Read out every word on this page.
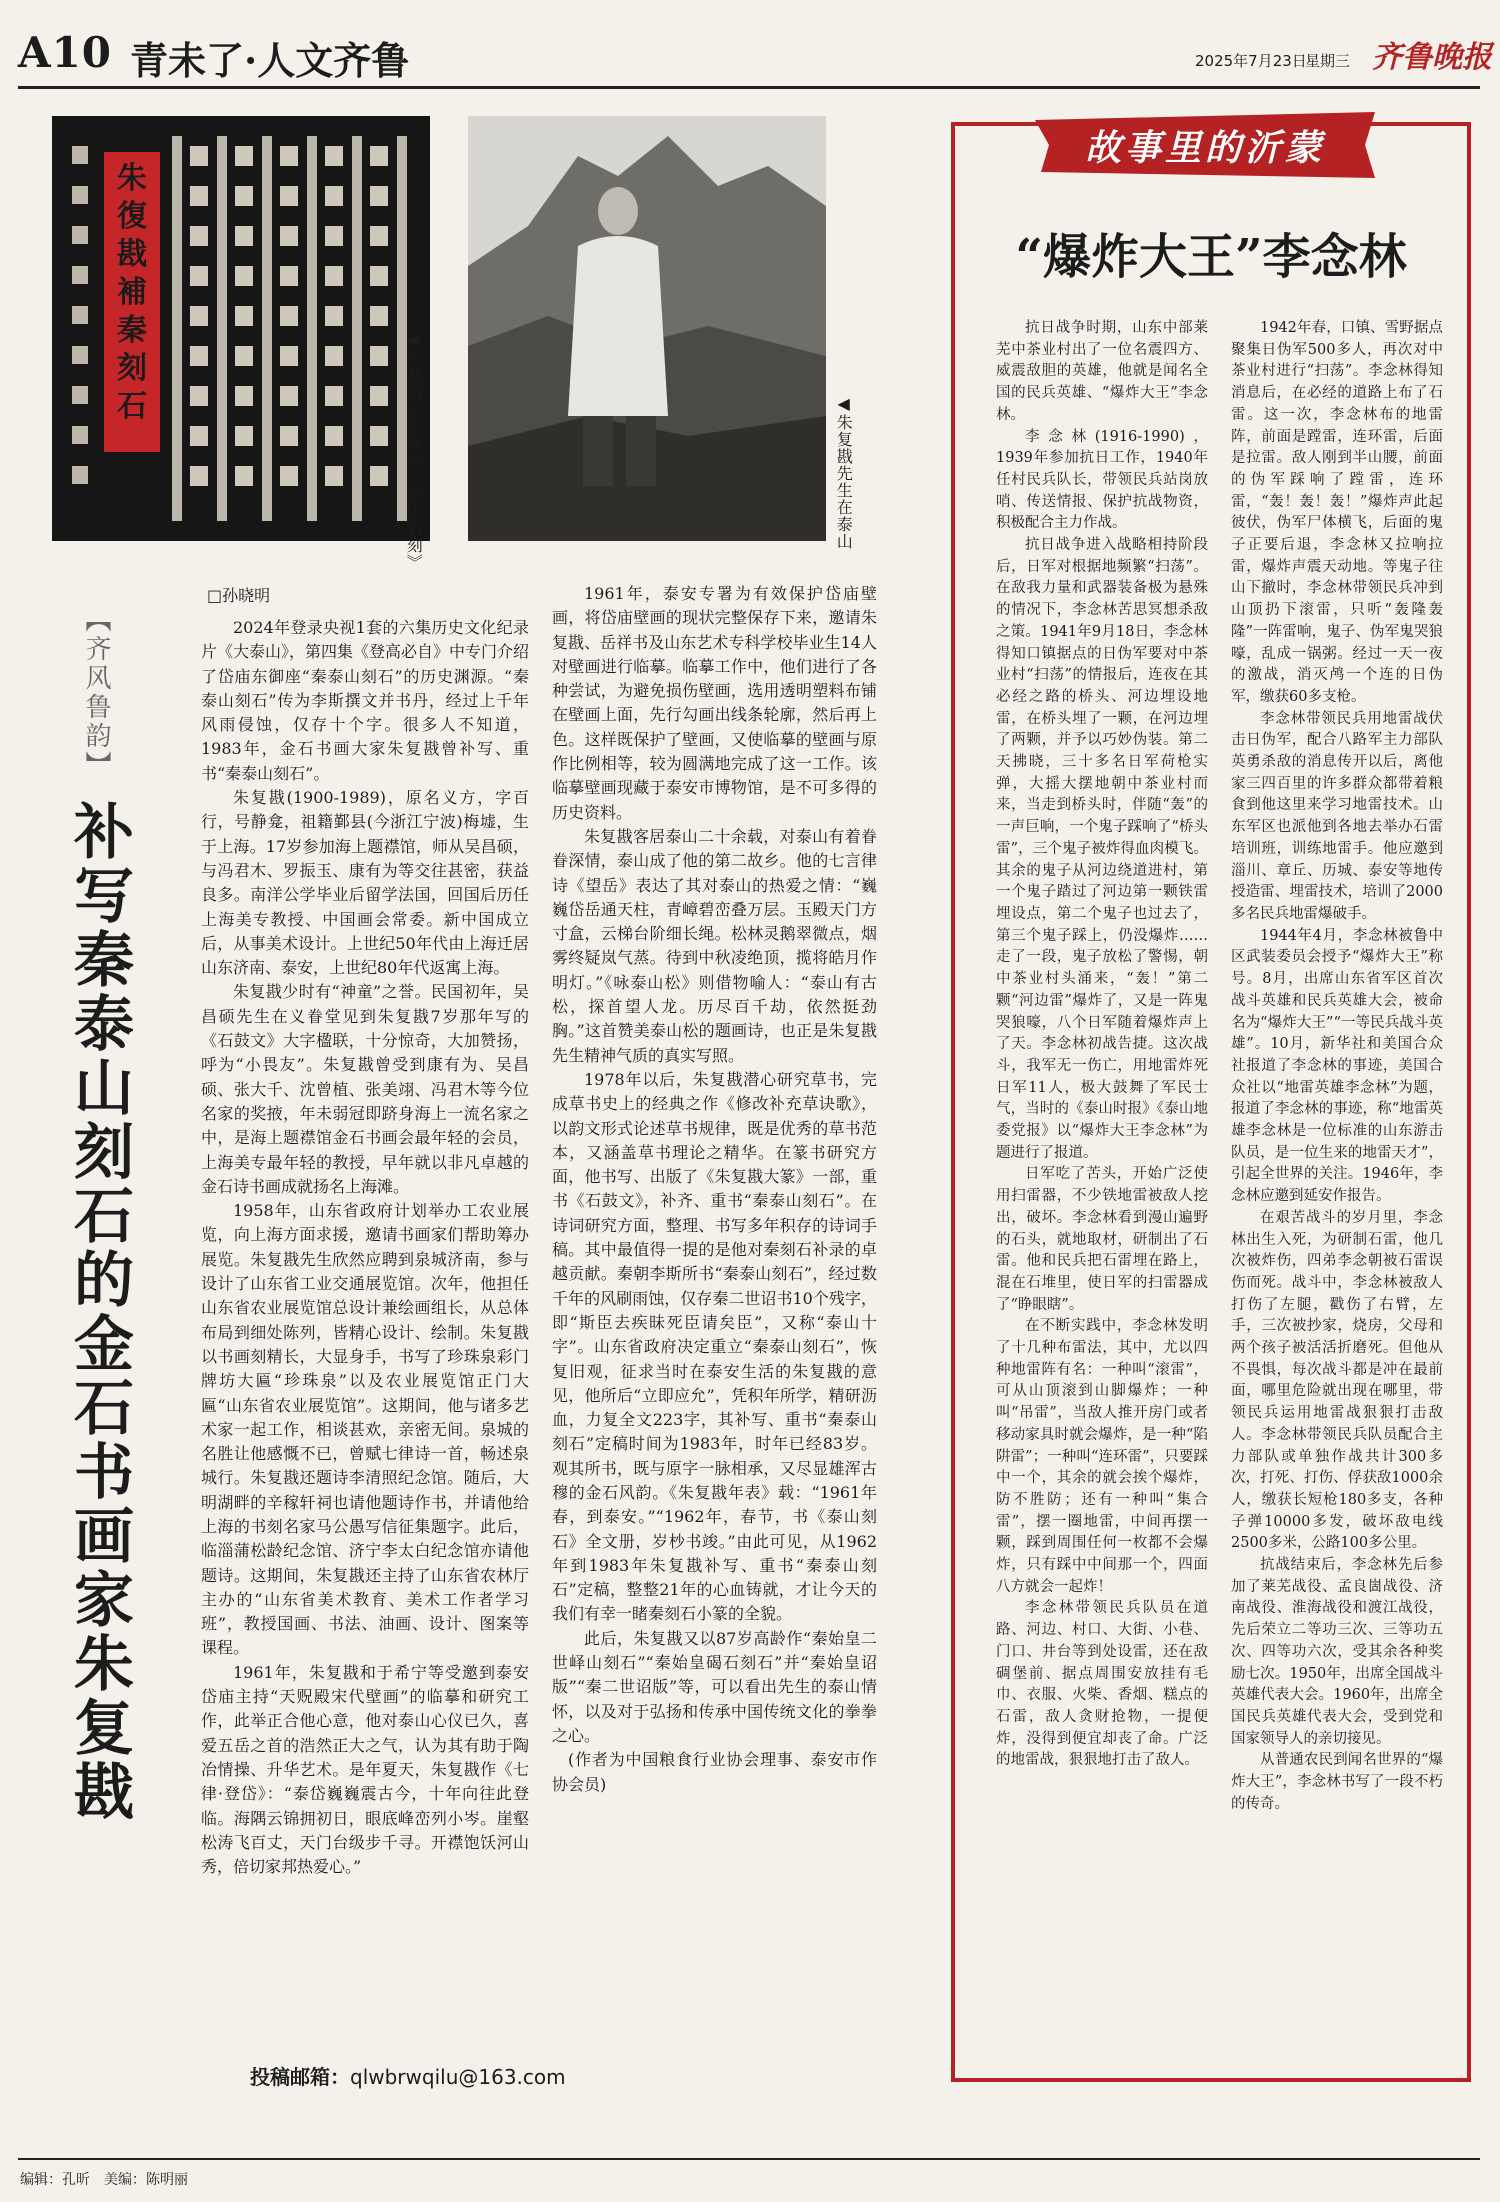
A10 青未了·人文齐鲁	2025年7月23日
星期三 齐鲁晚报
朱
復
戡
補
秦
刻
石	◀朱复戡补写重书《泰山石刻》	◀朱复戡先生在泰山
【齐风鲁韵】
补写秦泰山刻石的金石书画家朱复戡
□孙晓明

2024年登录央视1套的六集历史文化纪录片《大泰山》，第四集《登高必自》中专门介绍了岱庙东御座“秦泰山刻石”的历史渊源。“秦泰山刻石”传为李斯撰文并书丹，经过上千年风雨侵蚀，仅存十个字。很多人不知道，1983年，金石书画大家朱复戡曾补写、重书“秦泰山刻石”。

朱复戡(1900-1989)，原名义方，字百行，号静龛，祖籍鄞县(今浙江宁波)梅墟，生于上海。17岁参加海上题襟馆，师从吴昌硕，与冯君木、罗振玉、康有为等交往甚密，获益良多。南洋公学毕业后留学法国，回国后历任上海美专教授、中国画会常委。新中国成立后，从事美术设计。上世纪50年代由上海迁居山东济南、泰安，上世纪80年代返寓上海。

朱复戡少时有“神童”之誉。民国初年，吴昌硕先生在义眷堂见到朱复戡7岁那年写的《石鼓文》大字楹联，十分惊奇，大加赞扬，呼为“小畏友”。朱复戡曾受到康有为、吴昌硕、张大千、沈曾植、张美翊、冯君木等今位名家的奖掖，年未弱冠即跻身海上一流名家之中，是海上题襟馆金石书画会最年轻的会员，上海美专最年轻的教授，早年就以非凡卓越的金石诗书画成就扬名上海滩。

1958年，山东省政府计划举办工农业展览，向上海方面求援，邀请书画家们帮助筹办展览。朱复戡先生欣然应聘到泉城济南，参与设计了山东省工业交通展览馆。次年，他担任山东省农业展览馆总设计兼绘画组长，从总体布局到细处陈列，皆精心设计、绘制。朱复戡以书画刻精长，大显身手，书写了珍珠泉彩门牌坊大匾“珍珠泉”以及农业展览馆正门大匾“山东省农业展览馆”。这期间，他与诸多艺术家一起工作，相谈甚欢，亲密无间。泉城的名胜让他感慨不已，曾赋七律诗一首，畅述泉城行。朱复戡还题诗李清照纪念馆。随后，大明湖畔的辛稼轩祠也请他题诗作书，并请他给上海的书刻名家马公愚写信征集题字。此后，临淄蒲松龄纪念馆、济宁李太白纪念馆亦请他题诗。这期间，朱复戡还主持了山东省农林厅主办的“山东省美术教育、美术工作者学习班”，教授国画、书法、油画、设计、图案等课程。

1961年，朱复戡和于希宁等受邀到泰安岱庙主持“天贶殿宋代壁画”的临摹和研究工作，此举正合他心意，他对泰山心仪已久，喜爱五岳之首的浩然正大之气，认为其有助于陶冶情操、升华艺术。是年夏天，朱复戡作《七律·登岱》：“泰岱巍巍震古今，十年向往此登临。海隅云锦拥初日，眼底峰峦列小岑。崖壑松涛飞百丈，天门台级步千寻。开襟饱饫河山秀，倍切家邦热爱心。”

1961年，泰安专署为有效保护岱庙壁画，将岱庙壁画的现状完整保存下来，邀请朱复戡、岳祥书及山东艺术专科学校毕业生14人对壁画进行临摹。临摹工作中，他们进行了各种尝试，为避免损伤壁画，选用透明塑料布铺在壁画上面，先行勾画出线条轮廓，然后再上色。这样既保护了壁画，又使临摹的壁画与原作比例相等，较为圆满地完成了这一工作。该临摹壁画现藏于泰安市博物馆，是不可多得的历史资料。

朱复戡客居泰山二十余载，对泰山有着眷眷深情，泰山成了他的第二故乡。他的七言律诗《望岳》表达了其对泰山的热爱之情：“巍巍岱岳通天柱，青嶂碧峦叠万层。玉殿天门方寸盒，云梯台阶细长绳。松林灵鹅翠微点，烟雾终疑岚气蒸。待到中秋凌绝顶，揽将皓月作明灯。”《咏泰山松》则借物喻人：“泰山有古松，探首望人龙。历尽百千劫，依然挺劲胸。”这首赞美泰山松的题画诗，也正是朱复戡先生精神气质的真实写照。

1978年以后，朱复戡潜心研究草书，完成草书史上的经典之作《修改补充草诀歌》，以韵文形式论述草书规律，既是优秀的草书范本，又涵盖草书理论之精华。在篆书研究方面，他书写、出版了《朱复戡大篆》一部，重书《石鼓文》，补齐、重书“秦泰山刻石”。在诗词研究方面，整理、书写多年积存的诗词手稿。其中最值得一提的是他对秦刻石补录的卓越贡献。秦朝李斯所书“秦泰山刻石”，经过数千年的风刷雨蚀，仅存秦二世诏书10个残字，即“斯臣去疾昧死臣请矣臣”，又称“泰山十字”。山东省政府决定重立“秦泰山刻石”，恢复旧观，征求当时在泰安生活的朱复戡的意见，他所后“立即应允”，凭积年所学，精研沥血，力复全文223字，其补写、重书“秦泰山刻石”定稿时间为1983年，时年已经83岁。观其所书，既与原字一脉相承，又尽显雄浑古穆的金石风韵。《朱复戡年表》载：“1961年春，到泰安。”“1962年，春节，书《泰山刻石》全文册，岁杪书竣。”由此可见，从1962年到1983年朱复戡补写、重书“秦泰山刻石”定稿，整整21年的心血铸就，才让今天的我们有幸一睹秦刻石小篆的全貌。

此后，朱复戡又以87岁高龄作“秦始皇二世峄山刻石”“秦始皇碣石刻石”并“秦始皇诏版”“秦二世诏版”等，可以看出先生的泰山情怀，以及对于弘扬和传承中国传统文化的拳拳之心。

(作者为中国粮食行业协会理事、泰安市作协会员)

故事里的沂蒙
“爆炸大王”李念林

抗日战争时期，山东中部莱芜中茶业村出了一位名震四方、威震敌胆的英雄，他就是闻名全国的民兵英雄、“爆炸大王”李念林。

李念林(1916-1990)，1939年参加抗日工作，1940年任村民兵队长，带领民兵站岗放哨、传送情报、保护抗战物资，积极配合主力作战。

抗日战争进入战略相持阶段后，日军对根据地频繁“扫荡”。在敌我力量和武器装备极为悬殊的情况下，李念林苦思冥想杀敌之策。1941年9月18日，李念林得知口镇据点的日伪军要对中茶业村“扫荡”的情报后，连夜在其必经之路的桥头、河边埋设地雷，在桥头埋了一颗，在河边埋了两颗，并予以巧妙伪装。第二天拂晓，三十多名日军荷枪实弹，大摇大摆地朝中茶业村而来，当走到桥头时，伴随“轰”的一声巨响，一个鬼子踩响了“桥头雷”，三个鬼子被炸得血肉模飞。其余的鬼子从河边绕道进村，第一个鬼子踏过了河边第一颗铁雷埋设点，第二个鬼子也过去了，第三个鬼子踩上，仍没爆炸……走了一段，鬼子放松了警惕，朝中茶业村头涌来，“轰！”第二颗“河边雷”爆炸了，又是一阵鬼哭狼嚎，八个日军随着爆炸声上了天。李念林初战告捷。这次战斗，我军无一伤亡，用地雷炸死日军11人，极大鼓舞了军民士气，当时的《泰山时报》《泰山地委党报》以“爆炸大王李念林”为题进行了报道。

日军吃了苦头，开始广泛使用扫雷器，不少铁地雷被敌人挖出，破坏。李念林看到漫山遍野的石头，就地取材，研制出了石雷。他和民兵把石雷埋在路上，混在石堆里，使日军的扫雷器成了“睁眼瞎”。

在不断实践中，李念林发明了十几种布雷法，其中，尤以四种地雷阵有名：一种叫“滚雷”，可从山顶滚到山脚爆炸；一种叫“吊雷”，当敌人推开房门或者移动家具时就会爆炸，是一种“陷阱雷”；一种叫“连环雷”，只要踩中一个，其余的就会挨个爆炸，防不胜防；还有一种叫“集合雷”，摆一圈地雷，中间再摆一颗，踩到周围任何一枚都不会爆炸，只有踩中中间那一个，四面八方就会一起炸！

李念林带领民兵队员在道路、河边、村口、大街、小巷、门口、井台等到处设雷，还在敌碉堡前、据点周围安放挂有毛巾、衣服、火柴、香烟、糕点的石雷，敌人贪财抢物，一提便炸，没得到便宜却丧了命。广泛的地雷战，狠狠地打击了敌人。

1942年春，口镇、雪野据点聚集日伪军500多人，再次对中茶业村进行“扫荡”。李念林得知消息后，在必经的道路上布了石雷。这一次，李念林布的地雷阵，前面是蹚雷，连环雷，后面是拉雷。敌人刚到半山腰，前面的伪军踩响了蹚雷，连环雷，“轰！轰！轰！”爆炸声此起彼伏，伪军尸体横飞，后面的鬼子正要后退，李念林又拉响拉雷，爆炸声震天动地。等鬼子往山下撤时，李念林带领民兵冲到山顶扔下滚雷，只听“轰隆轰隆”一阵雷响，鬼子、伪军鬼哭狼嚎，乱成一锅粥。经过一天一夜的激战，消灭鸬一个连的日伪军，缴获60多支枪。

李念林带领民兵用地雷战伏击日伪军，配合八路军主力部队英勇杀敌的消息传开以后，离他家三四百里的许多群众都带着粮食到他这里来学习地雷技术。山东军区也派他到各地去举办石雷培训班，训练地雷手。他应邀到淄川、章丘、历城、泰安等地传授造雷、埋雷技术，培训了2000多名民兵地雷爆破手。

1944年4月，李念林被鲁中区武装委员会授予“爆炸大王”称号。8月，出席山东省军区首次战斗英雄和民兵英雄大会，被命名为“爆炸大王”“一等民兵战斗英雄”。10月，新华社和美国合众社报道了李念林的事迹，美国合众社以“地雷英雄李念林”为题，报道了李念林的事迹，称“地雷英雄李念林是一位标准的山东游击队员，是一位生来的地雷天才”，引起全世界的关注。1946年，李念林应邀到延安作报告。

在艰苦战斗的岁月里，李念林出生入死，为研制石雷，他几次被炸伤，四弟李念朝被石雷误伤而死。战斗中，李念林被敌人打伤了左腿，戳伤了右臂，左手，三次被抄家，烧房，父母和两个孩子被活活折磨死。但他从不畏惧，每次战斗都是冲在最前面，哪里危险就出现在哪里，带领民兵运用地雷战狠狠打击敌人。李念林带领民兵队员配合主力部队或单独作战共计300多次，打死、打伤、俘获敌1000余人，缴获长短枪180多支，各种子弹10000多发，破坏敌电线2500多米，公路100多公里。

抗战结束后，李念林先后参加了莱芜战役、孟良崮战役、济南战役、淮海战役和渡江战役，先后荣立二等功三次、三等功五次、四等功六次，受其余各种奖励七次。1950年，出席全国战斗英雄代表大会。1960年，出席全国民兵英雄代表大会，受到党和国家领导人的亲切接见。

从普通农民到闻名世界的“爆炸大王”，李念林书写了一段不朽的传奇。

投稿邮箱：qlwbrwqilu@163.com
编辑：孔昕　美编：陈明丽
